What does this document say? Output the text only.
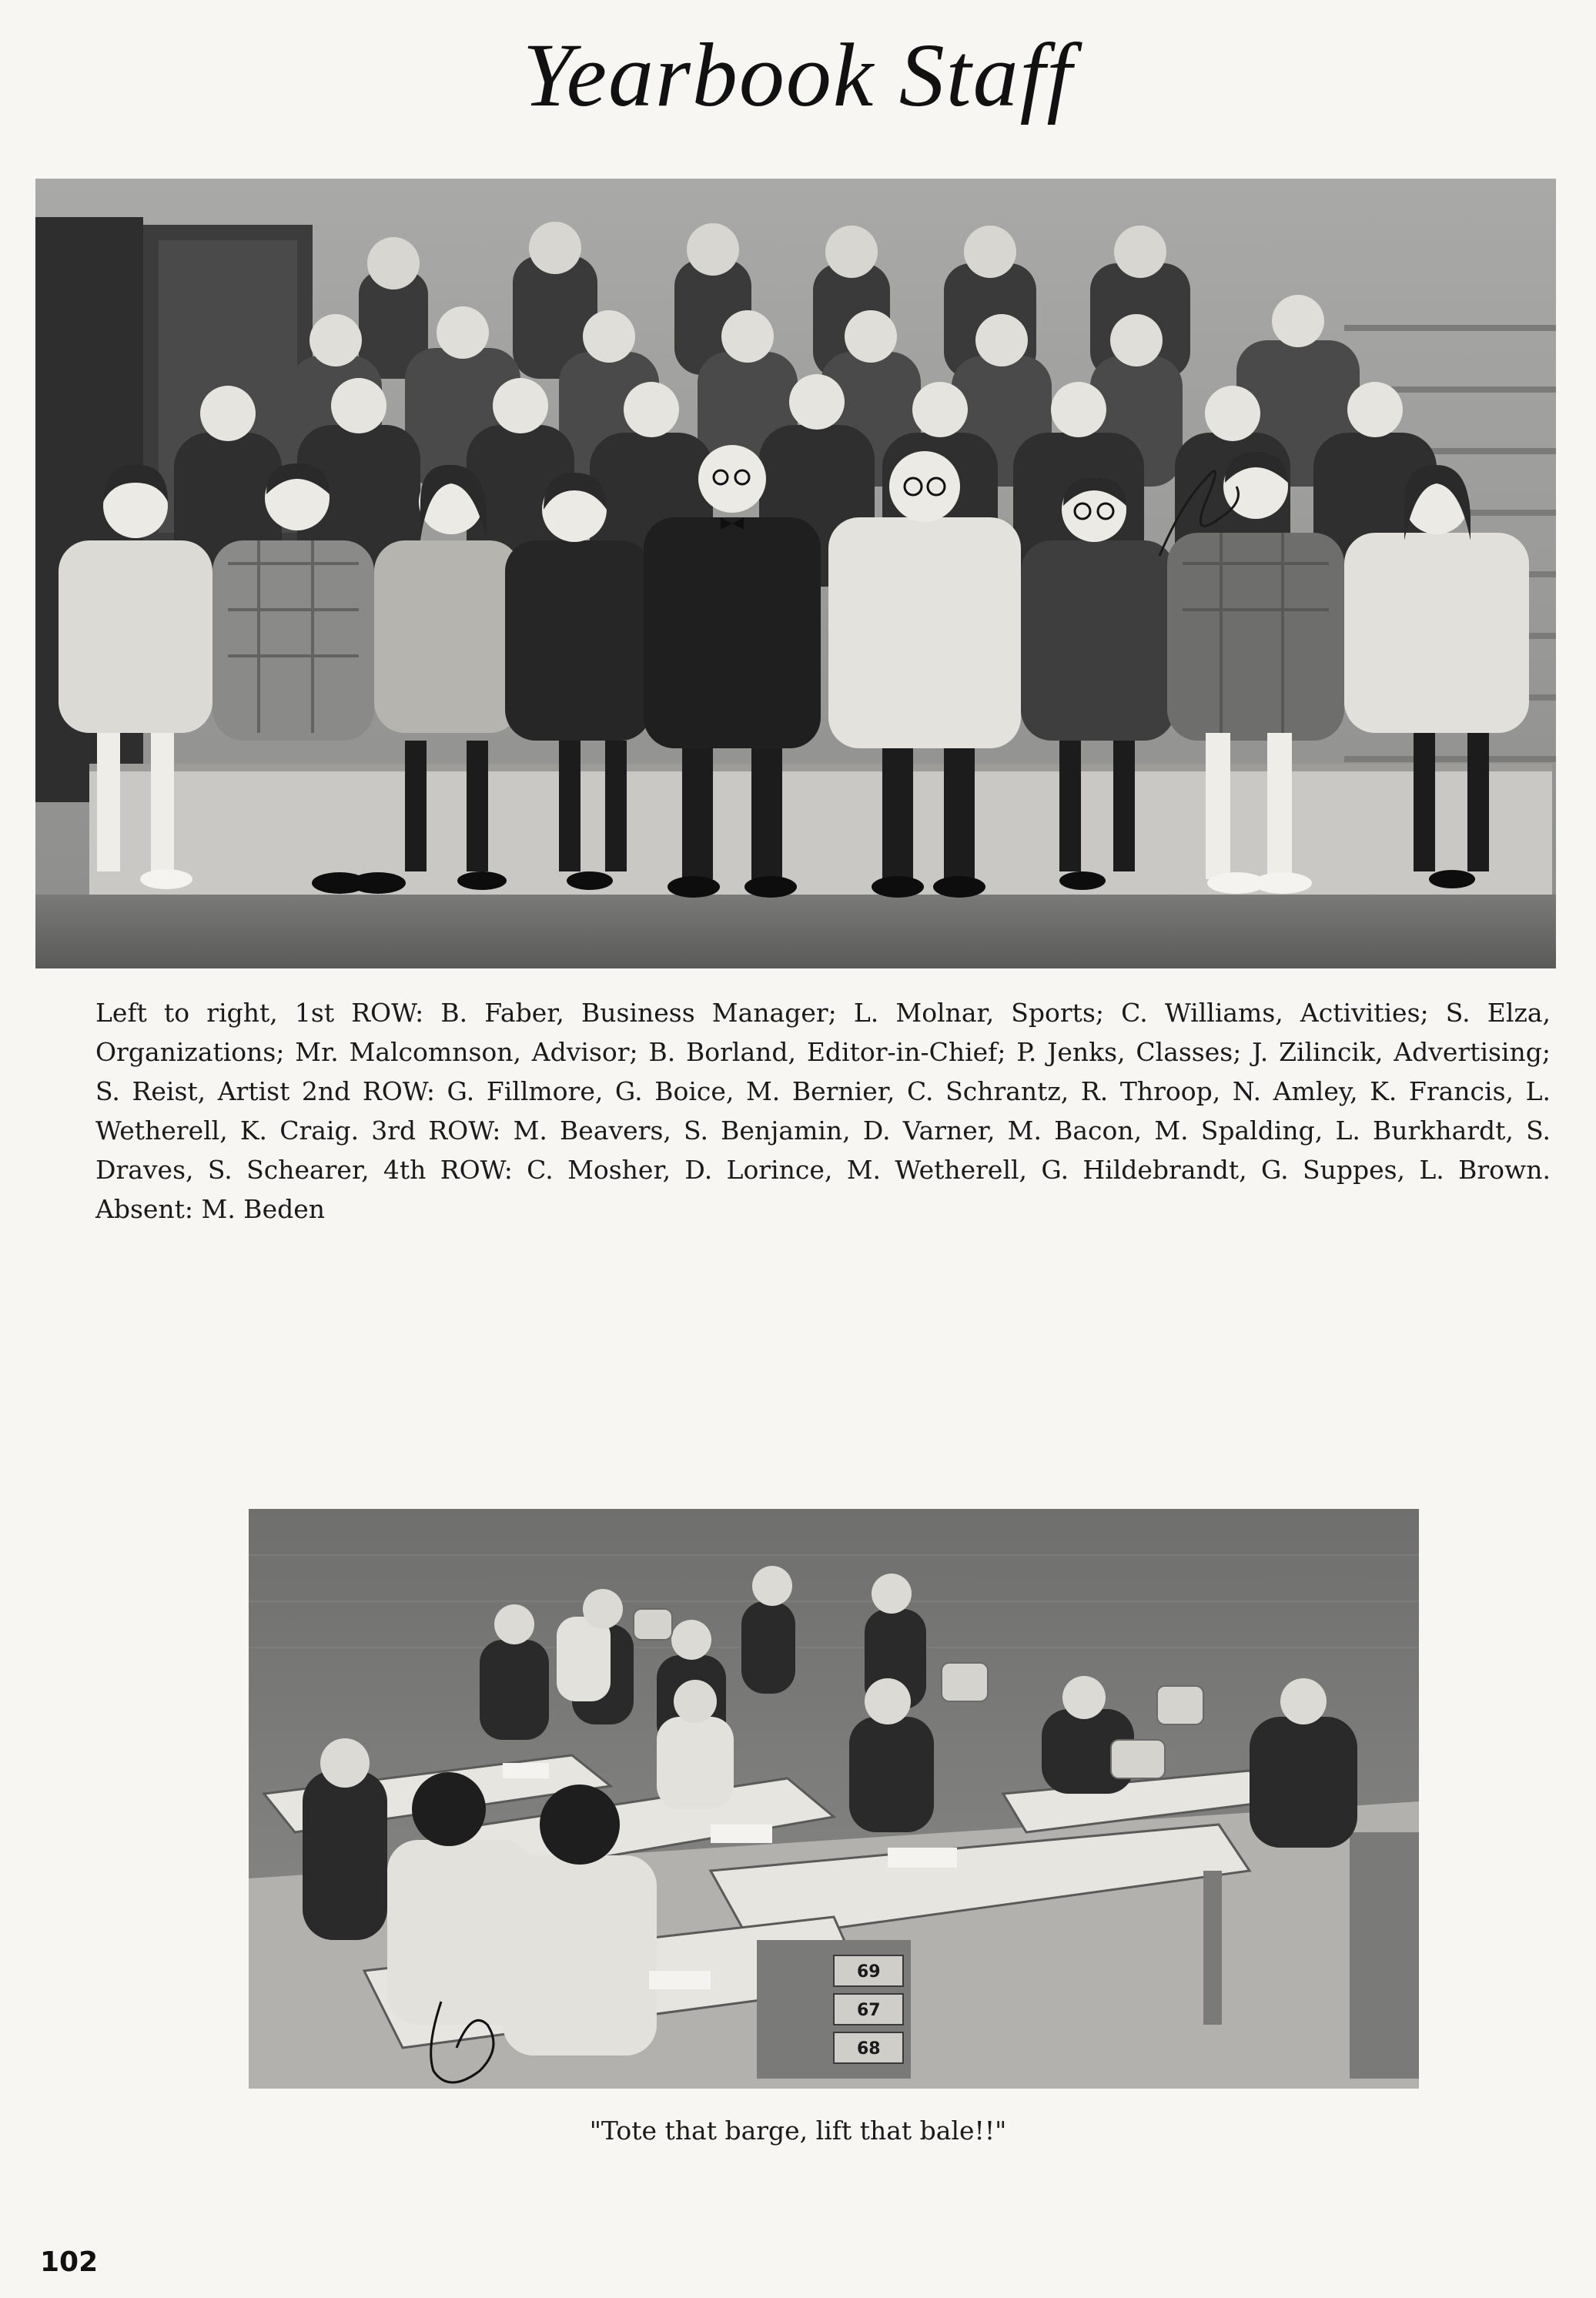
Yearbook Staff
Left to right, 1st ROW: B. Faber, Business Manager; L. Molnar, Sports; C. Williams, Activities; S. Elza, Organizations; Mr. Malcomnson, Advisor; B. Borland, Editor-in-Chief; P. Jenks, Classes; J. Zilincik, Advertising; S. Reist, Artist 2nd ROW: G. Fillmore, G. Boice, M. Bernier, C. Schrantz, R. Throop, N. Amley, K. Francis, L. Wetherell, K. Craig. 3rd ROW: M. Beavers, S. Benjamin, D. Varner, M. Bacon, M. Spalding, L. Burkhardt, S. Draves, S. Schearer, 4th ROW: C. Mosher, D. Lorince, M. Wetherell, G. Hildebrandt, G. Suppes, L. Brown. Absent: M. Beden
69
67
68
"Tote that barge, lift that bale!!"
102
